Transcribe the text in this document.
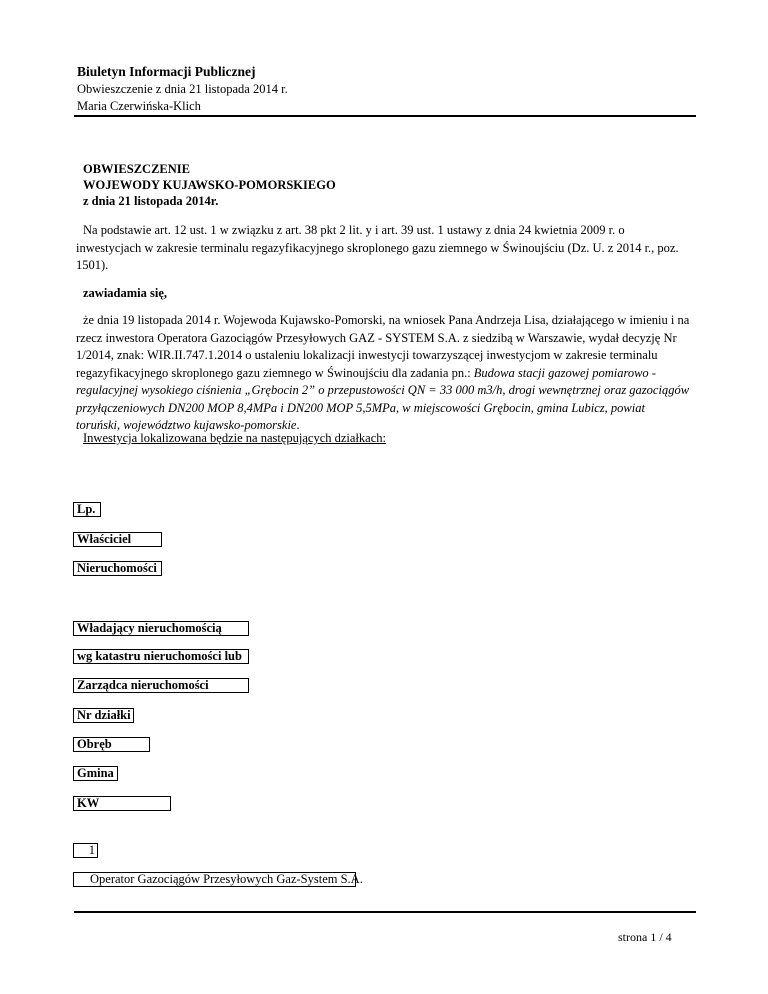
Biuletyn Informacji Publicznej
Obwieszczenie z dnia 21 listopada 2014 r.
Maria Czerwińska-Klich
OBWIESZCZENIE
WOJEWODY KUJAWSKO-POMORSKIEGO
z dnia 21 listopada 2014r.
Na podstawie art. 12 ust. 1 w związku z art. 38 pkt 2 lit. y i art. 39 ust. 1 ustawy z dnia 24 kwietnia 2009 r. o inwestycjach w zakresie terminalu regazyfikacyjnego skroplonego gazu ziemnego w Świnoujściu (Dz. U. z 2014 r., poz. 1501).
zawiadamia się,
że dnia 19 listopada 2014 r. Wojewoda Kujawsko-Pomorski, na wniosek Pana Andrzeja Lisa, działającego w imieniu i na rzecz inwestora Operatora Gazociągów Przesyłowych GAZ - SYSTEM S.A. z siedzibą w Warszawie, wydał decyzję Nr 1/2014, znak: WIR.II.747.1.2014 o ustaleniu lokalizacji inwestycji towarzyszącej inwestycjom w zakresie terminalu regazyfikacyjnego skroplonego gazu ziemnego w Świnoujściu dla zadania pn.: Budowa stacji gazowej pomiarowo - regulacyjnej wysokiego ciśnienia „Grębocin 2” o przepustowości QN = 33 000 m3/h, drogi wewnętrznej oraz gazociągów przyłączeniowych DN200 MOP 8,4MPa i DN200 MOP 5,5MPa, w miejscowości Grębocin, gmina Lubicz, powiat toruński, województwo kujawsko-pomorskie.
Inwestycja lokalizowana będzie na następujących działkach:
Lp.
Właściciel
Nieruchomości
Władający nieruchomością
wg katastru nieruchomości lub
Zarządca nieruchomości
Nr działki
Obręb
Gmina
KW
1
Operator Gazociągów Przesyłowych Gaz-System S.A.
strona 1 / 4
